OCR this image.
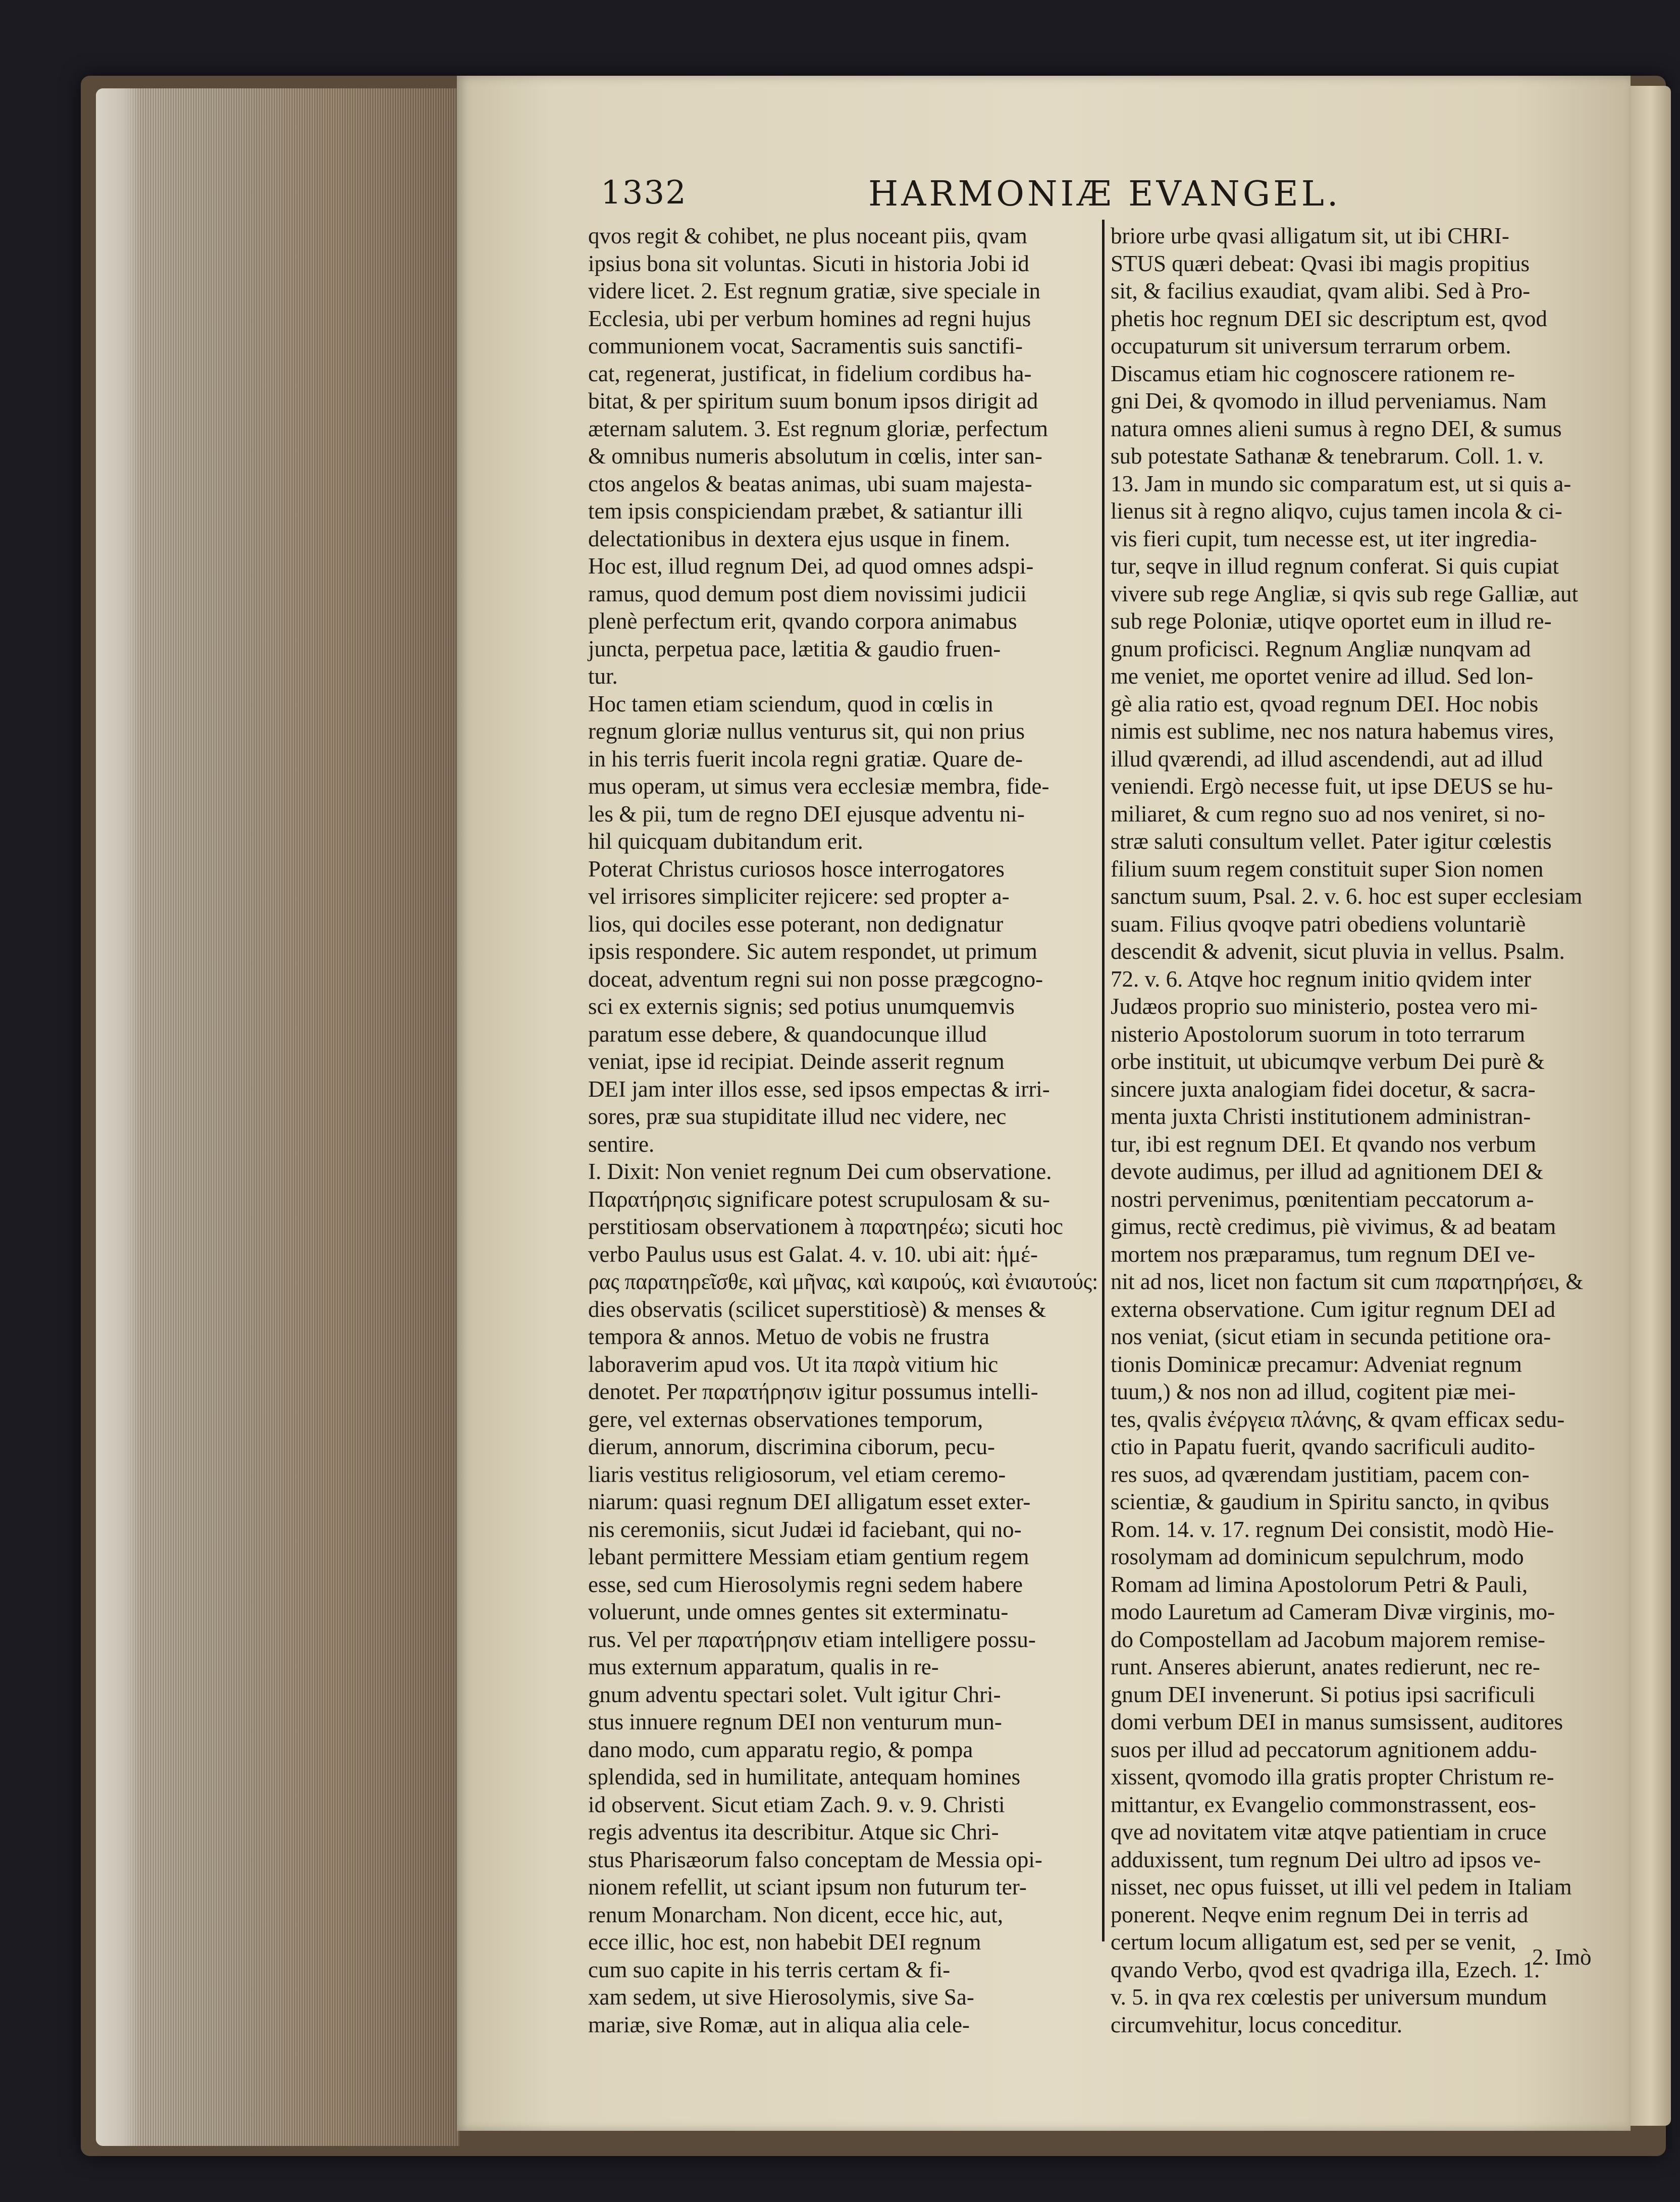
1332	HARMONIÆ EVANGEL.
qvos regit & cohibet, ne plus noceant piis, qvam
ipsius bona sit voluntas. Sicuti in historia Jobi id
videre licet. 2. Est regnum gratiæ, sive speciale in
Ecclesia, ubi per verbum homines ad regni hujus
communionem vocat, Sacramentis suis sanctifi-
cat, regenerat, justificat, in fidelium cordibus ha-
bitat, & per spiritum suum bonum ipsos dirigit ad
æternam salutem. 3. Est regnum gloriæ, perfectum
& omnibus numeris absolutum in cœlis, inter san-
ctos angelos & beatas animas, ubi suam majesta-
tem ipsis conspiciendam præbet, & satiantur illi
delectationibus in dextera ejus usque in finem.
Hoc est, illud regnum Dei, ad quod omnes adspi-
ramus, quod demum post diem novissimi judicii
plenè perfectum erit, qvando corpora animabus
juncta, perpetua pace, lætitia & gaudio fruen-
tur.
Hoc tamen etiam sciendum, quod in cœlis in
regnum gloriæ nullus venturus sit, qui non prius
in his terris fuerit incola regni gratiæ. Quare de-
mus operam, ut simus vera ecclesiæ membra, fide-
les & pii, tum de regno DEI ejusque adventu ni-
hil quicquam dubitandum erit.
Poterat Christus curiosos hosce interrogatores
vel irrisores simpliciter rejicere: sed propter a-
lios, qui dociles esse poterant, non dedignatur
ipsis respondere. Sic autem respondet, ut primum
doceat, adventum regni sui non posse prægcogno-
sci ex externis signis; sed potius unumquemvis
paratum esse debere, & quandocunque illud
veniat, ipse id recipiat. Deinde asserit regnum
DEI jam inter illos esse, sed ipsos empectas & irri-
sores, præ sua stupiditate illud nec videre, nec
sentire.
I. Dixit: Non veniet regnum Dei cum observatione.
Παρατήρησις significare potest scrupulosam & su-
perstitiosam observationem à παρατηρέω; sicuti hoc
verbo Paulus usus est Galat. 4. v. 10. ubi ait: ἡμέ-
ρας παρατηρεῖσθε, καὶ μῆνας, καὶ καιρούς, καὶ ἐνιαυτούς:
dies observatis (scilicet superstitiosè) & menses &
tempora & annos. Metuo de vobis ne frustra
laboraverim apud vos. Ut ita παρὰ vitium hic
denotet. Per παρατήρησιν igitur possumus intelli-
gere, vel externas observationes temporum,
dierum, annorum, discrimina ciborum, pecu-
liaris vestitus religiosorum, vel etiam ceremo-
niarum: quasi regnum DEI alligatum esset exter-
nis ceremoniis, sicut Judæi id faciebant, qui no-
lebant permittere Messiam etiam gentium regem
esse, sed cum Hierosolymis regni sedem habere
voluerunt, unde omnes gentes sit exterminatu-
rus. Vel per παρατήρησιν etiam intelligere possu-
mus externum apparatum, qualis in re-
gnum adventu spectari solet. Vult igitur Chri-
stus innuere regnum DEI non venturum mun-
dano modo, cum apparatu regio, & pompa
splendida, sed in humilitate, antequam homines
id observent. Sicut etiam Zach. 9. v. 9. Christi
regis adventus ita describitur. Atque sic Chri-
stus Pharisæorum falso conceptam de Messia opi-
nionem refellit, ut sciant ipsum non futurum ter-
renum Monarcham. Non dicent, ecce hic, aut,
ecce illic, hoc est, non habebit DEI regnum
cum suo capite in his terris certam & fi-
xam sedem, ut sive Hierosolymis, sive Sa-
mariæ, sive Romæ, aut in aliqua alia cele-
briore urbe qvasi alligatum sit, ut ibi CHRI-
STUS quæri debeat: Qvasi ibi magis propitius
sit, & facilius exaudiat, qvam alibi. Sed à Pro-
phetis hoc regnum DEI sic descriptum est, qvod
occupaturum sit universum terrarum orbem.
Discamus etiam hic cognoscere rationem re-
gni Dei, & qvomodo in illud perveniamus. Nam
natura omnes alieni sumus à regno DEI, & sumus
sub potestate Sathanæ & tenebrarum. Coll. 1. v.
13. Jam in mundo sic comparatum est, ut si quis a-
lienus sit à regno aliqvo, cujus tamen incola & ci-
vis fieri cupit, tum necesse est, ut iter ingredia-
tur, seqve in illud regnum conferat. Si quis cupiat
vivere sub rege Angliæ, si qvis sub rege Galliæ, aut
sub rege Poloniæ, utiqve oportet eum in illud re-
gnum proficisci. Regnum Angliæ nunqvam ad
me veniet, me oportet venire ad illud. Sed lon-
gè alia ratio est, qvoad regnum DEI. Hoc nobis
nimis est sublime, nec nos natura habemus vires,
illud qværendi, ad illud ascendendi, aut ad illud
veniendi. Ergò necesse fuit, ut ipse DEUS se hu-
miliaret, & cum regno suo ad nos veniret, si no-
stræ saluti consultum vellet. Pater igitur cœlestis
filium suum regem constituit super Sion nomen
sanctum suum, Psal. 2. v. 6. hoc est super ecclesiam
suam. Filius qvoqve patri obediens voluntariè
descendit & advenit, sicut pluvia in vellus. Psalm.
72. v. 6. Atqve hoc regnum initio qvidem inter
Judæos proprio suo ministerio, postea vero mi-
nisterio Apostolorum suorum in toto terrarum
orbe instituit, ut ubicumqve verbum Dei purè &
sincere juxta analogiam fidei docetur, & sacra-
menta juxta Christi institutionem administran-
tur, ibi est regnum DEI. Et qvando nos verbum
devote audimus, per illud ad agnitionem DEI &
nostri pervenimus, pœnitentiam peccatorum a-
gimus, rectè credimus, piè vivimus, & ad beatam
mortem nos præparamus, tum regnum DEI ve-
nit ad nos, licet non factum sit cum παρατηρήσει, &
externa observatione. Cum igitur regnum DEI ad
nos veniat, (sicut etiam in secunda petitione ora-
tionis Dominicæ precamur: Adveniat regnum
tuum,) & nos non ad illud, cogitent piæ mei-
tes, qvalis ἐνέργεια πλάνης, & qvam efficax sedu-
ctio in Papatu fuerit, qvando sacrificuli audito-
res suos, ad qværendam justitiam, pacem con-
scientiæ, & gaudium in Spiritu sancto, in qvibus
Rom. 14. v. 17. regnum Dei consistit, modò Hie-
rosolymam ad dominicum sepulchrum, modo
Romam ad limina Apostolorum Petri & Pauli,
modo Lauretum ad Cameram Divæ virginis, mo-
do Compostellam ad Jacobum majorem remise-
runt. Anseres abierunt, anates redierunt, nec re-
gnum DEI invenerunt. Si potius ipsi sacrificuli
domi verbum DEI in manus sumsissent, auditores
suos per illud ad peccatorum agnitionem addu-
xissent, qvomodo illa gratis propter Christum re-
mittantur, ex Evangelio commonstrassent, eos-
qve ad novitatem vitæ atqve patientiam in cruce
adduxissent, tum regnum Dei ultro ad ipsos ve-
nisset, nec opus fuisset, ut illi vel pedem in Italiam
ponerent. Neqve enim regnum Dei in terris ad
certum locum alligatum est, sed per se venit,
qvando Verbo, qvod est qvadriga illa, Ezech. 1.
v. 5. in qva rex cœlestis per universum mundum
circumvehitur, locus conceditur.
2. Imò
